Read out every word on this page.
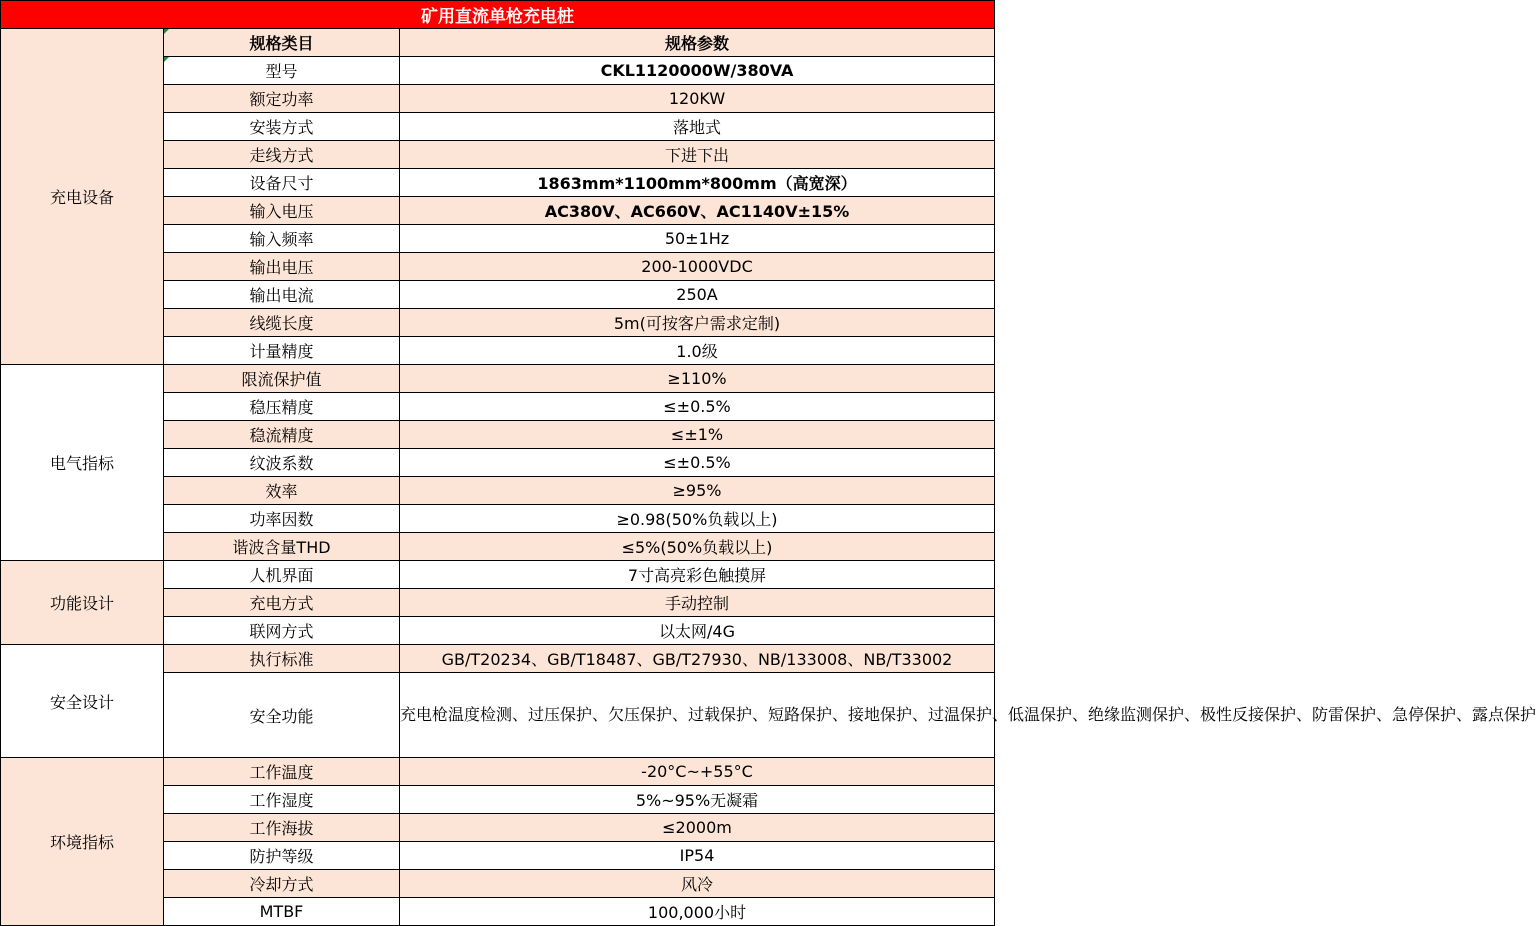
矿用直流单枪充电桩		
充电设备	规格类目	规格参数
	型号	CKL1120000W/380VA
	额定功率	120KW
	安装方式	落地式
	走线方式	下进下出
	设备尺寸	1863mm*1100mm*800mm（高宽深）
	输入电压	AC380V、AC660V、AC1140V±15%
	输入频率	50±1Hz
	输出电压	200-1000VDC
	输出电流	250A
	线缆长度	5m(可按客户需求定制)
	计量精度	1.0级
电气指标	限流保护值	≥110%
	稳压精度	≤±0.5%
	稳流精度	≤±1%
	纹波系数	≤±0.5%
	效率	≥95%
	功率因数	≥0.98(50%负载以上)
	谐波含量THD	≤5%(50%负载以上)
功能设计	人机界面	7寸高亮彩色触摸屏
	充电方式	手动控制
	联网方式	以太网/4G
安全设计	执行标准	GB/T20234、GB/T18487、GB/T27930、NB/133008、NB/T33002
	安全功能	充电枪温度检测、过压保护、欠压保护、过载保护、短路保护、接地保护、过温保护、低温保护、绝缘监测保护、极性反接保护、防雷保护、急停保护、露点保护
环境指标	工作温度	-20°C~+55°C
	工作湿度	5%~95%无凝霜
	工作海拔	≤2000m
	防护等级	IP54
	冷却方式	风冷
	MTBF	100,000小时
